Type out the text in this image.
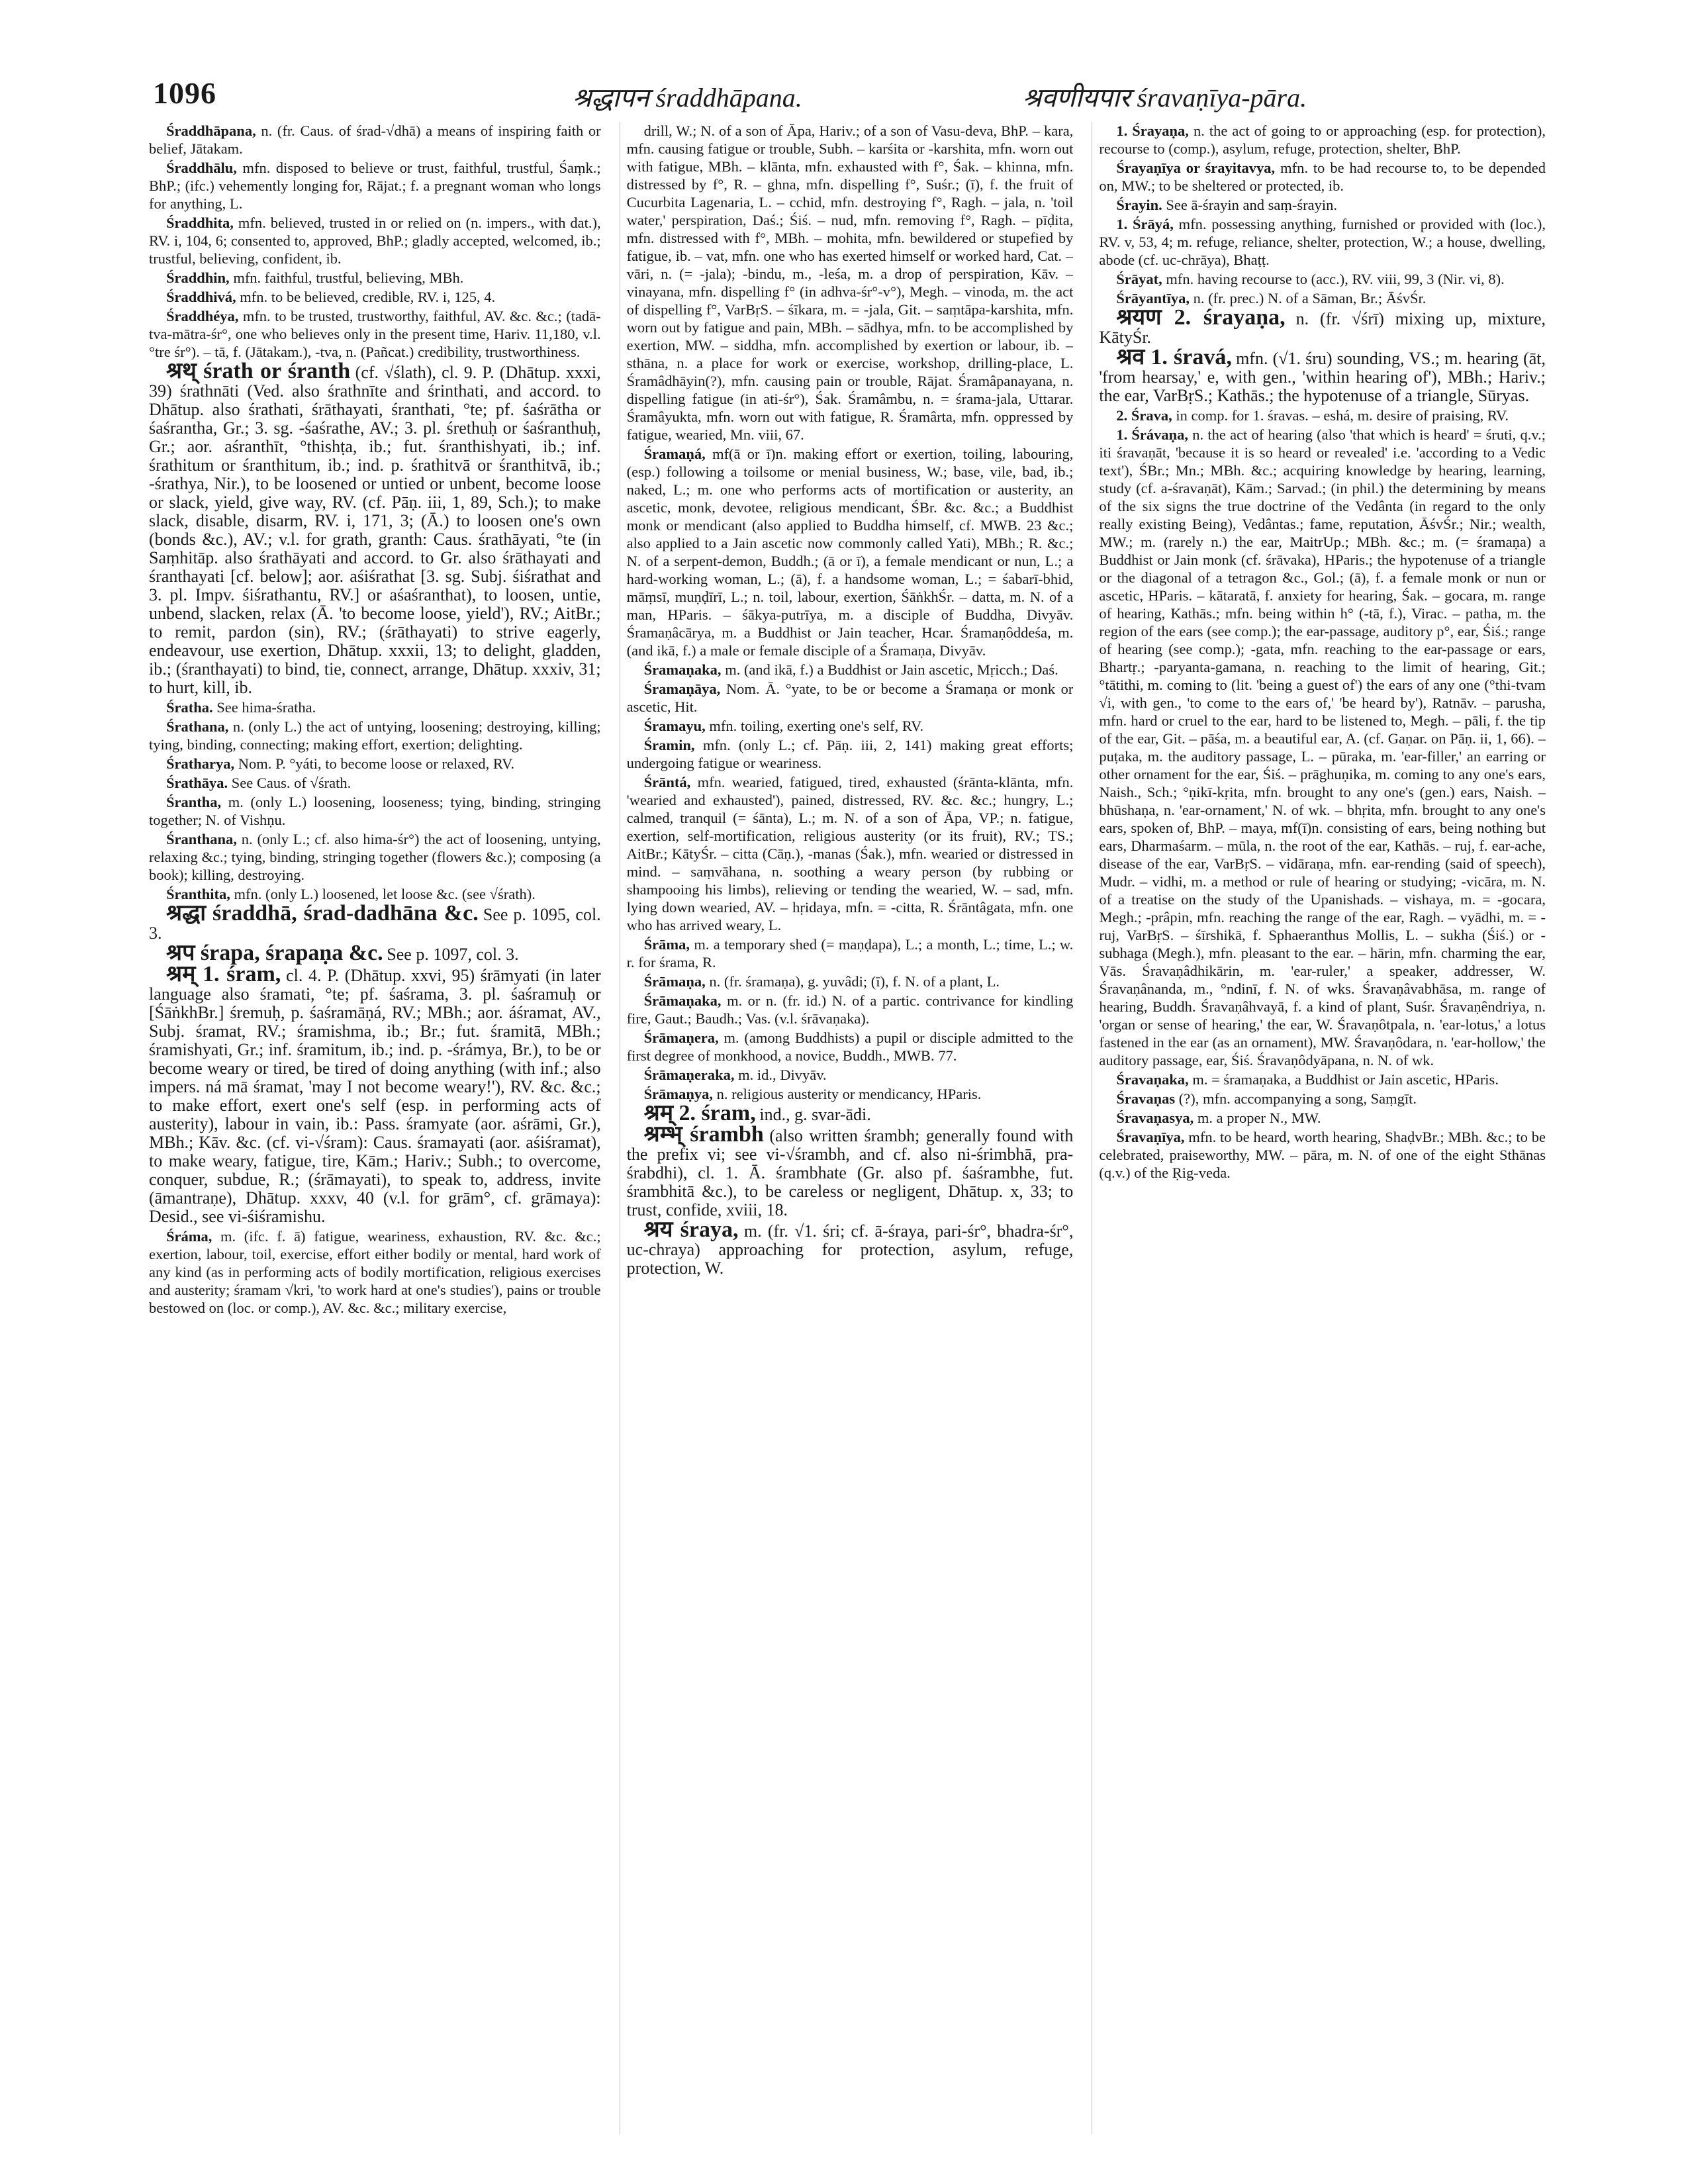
1096	श्रद्धापन śraddhāpana.	श्रवणीयपार śravaṇīya-pāra.

Śraddhāpana, n. (fr. Caus. of śrad-√dhā) a means of inspiring faith or belief, Jātakam.

Śraddhālu, mfn. disposed to believe or trust, faithful, trustful, Śaṃk.; BhP.; (ifc.) vehemently longing for, Rājat.; f. a pregnant woman who longs for anything, L.

Śraddhita, mfn. believed, trusted in or relied on (n. impers., with dat.), RV. i, 104, 6; consented to, approved, BhP.; gladly accepted, welcomed, ib.; trustful, believing, confident, ib.

Śraddhin, mfn. faithful, trustful, believing, MBh.

Śraddhivá, mfn. to be believed, credible, RV. i, 125, 4.

Śraddhéya, mfn. to be trusted, trustworthy, faithful, AV. &c. &c.; (tadā-tva-mātra-śr°, one who believes only in the present time, Hariv. 11,180, v.l. °tre śr°). – tā, f. (Jātakam.), -tva, n. (Pañcat.) credibility, trustworthiness.

श्रथ् śrath or śranth (cf. √ślath), cl. 9. P. (Dhātup. xxxi, 39) śrathnāti (Ved. also śrathnīte and śrinthati, and accord. to Dhātup. also śrathati, śrāthayati, śranthati, °te; pf. śaśrātha or śaśrantha, Gr.; 3. sg. -śaśrathe, AV.; 3. pl. śrethuḥ or śaśranthuḥ, Gr.; aor. aśranthīt, °thishṭa, ib.; fut. śranthishyati, ib.; inf. śrathitum or śranthitum, ib.; ind. p. śrathitvā or śranthitvā, ib.; -śrathya, Nir.), to be loosened or untied or unbent, become loose or slack, yield, give way, RV. (cf. Pāṇ. iii, 1, 89, Sch.); to make slack, disable, disarm, RV. i, 171, 3; (Ā.) to loosen one's own (bonds &c.), AV.; v.l. for grath, granth: Caus. śrathāyati, °te (in Saṃhitāp. also śrathāyati and accord. to Gr. also śrāthayati and śranthayati [cf. below]; aor. aśiśrathat [3. sg. Subj. śiśrathat and 3. pl. Impv. śiśrathantu, RV.] or aśaśranthat), to loosen, untie, unbend, slacken, relax (Ā. 'to become loose, yield'), RV.; AitBr.; to remit, pardon (sin), RV.; (śrāthayati) to strive eagerly, endeavour, use exertion, Dhātup. xxxii, 13; to delight, gladden, ib.; (śranthayati) to bind, tie, connect, arrange, Dhātup. xxxiv, 31; to hurt, kill, ib.

Śratha. See hima-śratha.

Śrathana, n. (only L.) the act of untying, loosening; destroying, killing; tying, binding, connecting; making effort, exertion; delighting.

Śratharya, Nom. P. °yáti, to become loose or relaxed, RV.

Śrathāya. See Caus. of √śrath.

Śrantha, m. (only L.) loosening, looseness; tying, binding, stringing together; N. of Vishṇu.

Śranthana, n. (only L.; cf. also hima-śr°) the act of loosening, untying, relaxing &c.; tying, binding, stringing together (flowers &c.); composing (a book); killing, destroying.

Śranthita, mfn. (only L.) loosened, let loose &c. (see √śrath).

श्रद्धा śraddhā, śrad-dadhāna &c. See p. 1095, col. 3.

श्रप śrapa, śrapaṇa &c. See p. 1097, col. 3.

श्रम् 1. śram, cl. 4. P. (Dhātup. xxvi, 95) śrāmyati (in later language also śramati, °te; pf. śaśrama, 3. pl. śaśramuḥ or [ŚāṅkhBr.] śremuḥ, p. śaśramāṇá, RV.; MBh.; aor. áśramat, AV., Subj. śramat, RV.; śramishma, ib.; Br.; fut. śramitā, MBh.; śramishyati, Gr.; inf. śramitum, ib.; ind. p. -śrámya, Br.), to be or become weary or tired, be tired of doing anything (with inf.; also impers. ná mā śramat, 'may I not become weary!'), RV. &c. &c.; to make effort, exert one's self (esp. in performing acts of austerity), labour in vain, ib.: Pass. śramyate (aor. aśrāmi, Gr.), MBh.; Kāv. &c. (cf. vi-√śram): Caus. śramayati (aor. aśiśramat), to make weary, fatigue, tire, Kām.; Hariv.; Subh.; to overcome, conquer, subdue, R.; (śrāmayati), to speak to, address, invite (āmantraṇe), Dhātup. xxxv, 40 (v.l. for grām°, cf. grāmaya): Desid., see vi-śiśramishu.

Śráma, m. (ifc. f. ā) fatigue, weariness, exhaustion, RV. &c. &c.; exertion, labour, toil, exercise, effort either bodily or mental, hard work of any kind (as in performing acts of bodily mortification, religious exercises and austerity; śramam √kri, 'to work hard at one's studies'), pains or trouble bestowed on (loc. or comp.), AV. &c. &c.; military exercise,

drill, W.; N. of a son of Āpa, Hariv.; of a son of Vasu-deva, BhP. – kara, mfn. causing fatigue or trouble, Subh. – karśita or -karshita, mfn. worn out with fatigue, MBh. – klānta, mfn. exhausted with f°, Śak. – khinna, mfn. distressed by f°, R. – ghna, mfn. dispelling f°, Suśr.; (ī), f. the fruit of Cucurbita Lagenaria, L. – cchid, mfn. destroying f°, Ragh. – jala, n. 'toil water,' perspiration, Daś.; Śiś. – nud, mfn. removing f°, Ragh. – pīḍita, mfn. distressed with f°, MBh. – mohita, mfn. bewildered or stupefied by fatigue, ib. – vat, mfn. one who has exerted himself or worked hard, Cat. – vāri, n. (= -jala); -bindu, m., -leśa, m. a drop of perspiration, Kāv. – vinayana, mfn. dispelling f° (in adhva-śr°-v°), Megh. – vinoda, m. the act of dispelling f°, VarBṛS. – śīkara, m. = -jala, Git. – saṃtāpa-karshita, mfn. worn out by fatigue and pain, MBh. – sādhya, mfn. to be accomplished by exertion, MW. – siddha, mfn. accomplished by exertion or labour, ib. – sthāna, n. a place for work or exercise, workshop, drilling-place, L. Śramâdhāyin(?), mfn. causing pain or trouble, Rājat. Śramâpanayana, n. dispelling fatigue (in ati-śr°), Śak. Śramâmbu, n. = śrama-jala, Uttarar. Śramâyukta, mfn. worn out with fatigue, R. Śramârta, mfn. oppressed by fatigue, wearied, Mn. viii, 67.

Śramaṇá, mf(ā or ī)n. making effort or exertion, toiling, labouring, (esp.) following a toilsome or menial business, W.; base, vile, bad, ib.; naked, L.; m. one who performs acts of mortification or austerity, an ascetic, monk, devotee, religious mendicant, ŚBr. &c. &c.; a Buddhist monk or mendicant (also applied to Buddha himself, cf. MWB. 23 &c.; also applied to a Jain ascetic now commonly called Yati), MBh.; R. &c.; N. of a serpent-demon, Buddh.; (ā or ī), a female mendicant or nun, L.; a hard-working woman, L.; (ā), f. a handsome woman, L.; = śabarī-bhid, māṃsī, muṇḍīrī, L.; n. toil, labour, exertion, ŚāṅkhŚr. – datta, m. N. of a man, HParis. – śākya-putrīya, m. a disciple of Buddha, Divyāv. Śramaṇâcārya, m. a Buddhist or Jain teacher, Hcar. Śramaṇôddeśa, m. (and ikā, f.) a male or female disciple of a Śramaṇa, Divyāv.

Śramaṇaka, m. (and ikā, f.) a Buddhist or Jain ascetic, Mṛicch.; Daś.

Śramaṇāya, Nom. Ā. °yate, to be or become a Śramaṇa or monk or ascetic, Hit.

Śramayu, mfn. toiling, exerting one's self, RV.

Śramin, mfn. (only L.; cf. Pāṇ. iii, 2, 141) making great efforts; undergoing fatigue or weariness.

Śrāntá, mfn. wearied, fatigued, tired, exhausted (śrānta-klānta, mfn. 'wearied and exhausted'), pained, distressed, RV. &c. &c.; hungry, L.; calmed, tranquil (= śānta), L.; m. N. of a son of Āpa, VP.; n. fatigue, exertion, self-mortification, religious austerity (or its fruit), RV.; TS.; AitBr.; KātyŚr. – citta (Cāṇ.), -manas (Śak.), mfn. wearied or distressed in mind. – saṃvāhana, n. soothing a weary person (by rubbing or shampooing his limbs), relieving or tending the wearied, W. – sad, mfn. lying down wearied, AV. – hṛidaya, mfn. = -citta, R. Śrāntâgata, mfn. one who has arrived weary, L.

Śrāma, m. a temporary shed (= maṇḍapa), L.; a month, L.; time, L.; w. r. for śrama, R.

Śrāmaṇa, n. (fr. śramaṇa), g. yuvâdi; (ī), f. N. of a plant, L.

Śrāmaṇaka, m. or n. (fr. id.) N. of a partic. contrivance for kindling fire, Gaut.; Baudh.; Vas. (v.l. śrāvaṇaka).

Śrāmaṇera, m. (among Buddhists) a pupil or disciple admitted to the first degree of monkhood, a novice, Buddh., MWB. 77.

Śrāmaṇeraka, m. id., Divyāv.

Śrāmaṇya, n. religious austerity or mendicancy, HParis.

श्रम् 2. śram, ind., g. svar-ādi.

श्रम्भ् śrambh (also written śrambh; generally found with the prefix vi; see vi-√śrambh, and cf. also ni-śrimbhā, pra-śrabdhi), cl. 1. Ā. śrambhate (Gr. also pf. śaśrambhe, fut. śrambhitā &c.), to be careless or negligent, Dhātup. x, 33; to trust, confide, xviii, 18.

श्रय śraya, m. (fr. √1. śri; cf. ā-śraya, pari-śr°, bhadra-śr°, uc-chraya) approaching for protection, asylum, refuge, protection, W.

1. Śrayaṇa, n. the act of going to or approaching (esp. for protection), recourse to (comp.), asylum, refuge, protection, shelter, BhP.

Śrayaṇīya or śrayitavya, mfn. to be had recourse to, to be depended on, MW.; to be sheltered or protected, ib.

Śrayin. See ā-śrayin and saṃ-śrayin.

1. Śrāyá, mfn. possessing anything, furnished or provided with (loc.), RV. v, 53, 4; m. refuge, reliance, shelter, protection, W.; a house, dwelling, abode (cf. uc-chrāya), Bhaṭṭ.

Śrāyat, mfn. having recourse to (acc.), RV. viii, 99, 3 (Nir. vi, 8).

Śrāyantīya, n. (fr. prec.) N. of a Sāman, Br.; ĀśvŚr.

श्रयण 2. śrayaṇa, n. (fr. √śrī) mixing up, mixture, KātyŚr.

श्रव 1. śravá, mfn. (√1. śru) sounding, VS.; m. hearing (āt, 'from hearsay,' e, with gen., 'within hearing of'), MBh.; Hariv.; the ear, VarBṛS.; Kathās.; the hypotenuse of a triangle, Sūryas.

2. Śrava, in comp. for 1. śravas. – eshá, m. desire of praising, RV.

1. Śrávaṇa, n. the act of hearing (also 'that which is heard' = śruti, q.v.; iti śravaṇāt, 'because it is so heard or revealed' i.e. 'according to a Vedic text'), ŚBr.; Mn.; MBh. &c.; acquiring knowledge by hearing, learning, study (cf. a-śravaṇāt), Kām.; Sarvad.; (in phil.) the determining by means of the six signs the true doctrine of the Vedânta (in regard to the only really existing Being), Vedântas.; fame, reputation, ĀśvŚr.; Nir.; wealth, MW.; m. (rarely n.) the ear, MaitrUp.; MBh. &c.; m. (= śramaṇa) a Buddhist or Jain monk (cf. śrāvaka), HParis.; the hypotenuse of a triangle or the diagonal of a tetragon &c., Gol.; (ā), f. a female monk or nun or ascetic, HParis. – kātaratā, f. anxiety for hearing, Śak. – gocara, m. range of hearing, Kathās.; mfn. being within h° (-tā, f.), Virac. – patha, m. the region of the ears (see comp.); the ear-passage, auditory p°, ear, Śiś.; range of hearing (see comp.); -gata, mfn. reaching to the ear-passage or ears, Bhartṛ.; -paryanta-gamana, n. reaching to the limit of hearing, Git.; °tātithi, m. coming to (lit. 'being a guest of') the ears of any one (°thi-tvam √i, with gen., 'to come to the ears of,' 'be heard by'), Ratnāv. – parusha, mfn. hard or cruel to the ear, hard to be listened to, Megh. – pāli, f. the tip of the ear, Git. – pāśa, m. a beautiful ear, A. (cf. Gaṇar. on Pāṇ. ii, 1, 66). – puṭaka, m. the auditory passage, L. – pūraka, m. 'ear-filler,' an earring or other ornament for the ear, Śiś. – prāghuṇika, m. coming to any one's ears, Naish., Sch.; °ṇikī-kṛita, mfn. brought to any one's (gen.) ears, Naish. – bhūshaṇa, n. 'ear-ornament,' N. of wk. – bhṛita, mfn. brought to any one's ears, spoken of, BhP. – maya, mf(ī)n. consisting of ears, being nothing but ears, Dharmaśarm. – mūla, n. the root of the ear, Kathās. – ruj, f. ear-ache, disease of the ear, VarBṛS. – vidāraṇa, mfn. ear-rending (said of speech), Mudr. – vidhi, m. a method or rule of hearing or studying; -vicāra, m. N. of a treatise on the study of the Upanishads. – vishaya, m. = -gocara, Megh.; -prâpin, mfn. reaching the range of the ear, Ragh. – vyādhi, m. = -ruj, VarBṛS. – śīrshikā, f. Sphaeranthus Mollis, L. – sukha (Śiś.) or -subhaga (Megh.), mfn. pleasant to the ear. – hārin, mfn. charming the ear, Vās. Śravaṇâdhikārin, m. 'ear-ruler,' a speaker, addresser, W. Śravaṇânanda, m., °ndinī, f. N. of wks. Śravaṇâvabhāsa, m. range of hearing, Buddh. Śravaṇâhvayā, f. a kind of plant, Suśr. Śravaṇêndriya, n. 'organ or sense of hearing,' the ear, W. Śravaṇôtpala, n. 'ear-lotus,' a lotus fastened in the ear (as an ornament), MW. Śravaṇôdara, n. 'ear-hollow,' the auditory passage, ear, Śiś. Śravaṇôdyāpana, n. N. of wk.

Śravaṇaka, m. = śramaṇaka, a Buddhist or Jain ascetic, HParis.

Śravaṇas (?), mfn. accompanying a song, Saṃgīt.

Śravaṇasya, m. a proper N., MW.

Śravaṇīya, mfn. to be heard, worth hearing, ShaḍvBr.; MBh. &c.; to be celebrated, praiseworthy, MW. – pāra, m. N. of one of the eight Sthānas (q.v.) of the Ṛig-veda.
